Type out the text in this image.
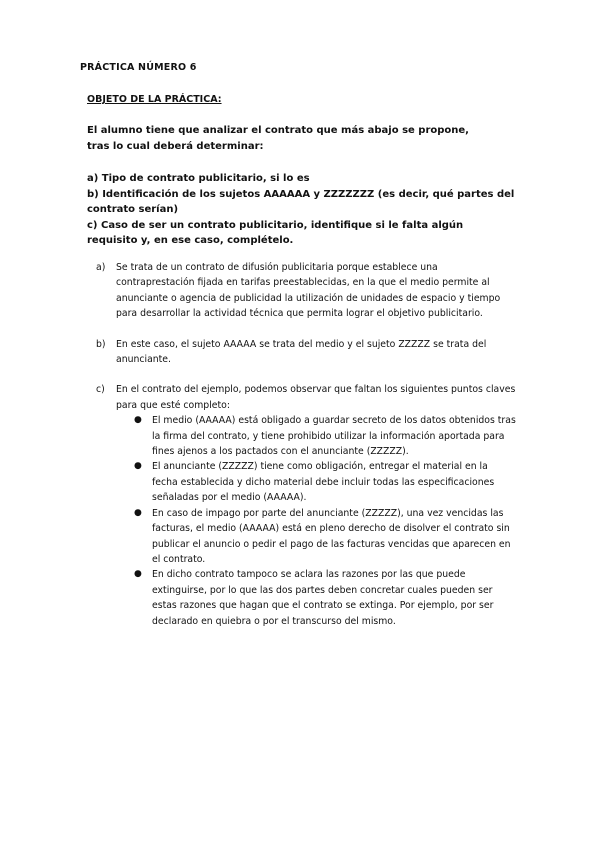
PRÁCTICA NÚMERO 6
OBJETO DE LA PRÁCTICA:

El alumno tiene que analizar el contrato que más abajo se propone,

tras lo cual deberá determinar:

a) Tipo de contrato publicitario, si lo es

b) Identificación de los sujetos AAAAAA y ZZZZZZZ (es decir, qué partes del contrato serían)

c) Caso de ser un contrato publicitario, identifique si le falta algún requisito y, en ese caso, complételo.

a) Se trata de un contrato de difusión publicitaria porque establece una contraprestación fijada en tarifas preestablecidas, en la que el medio permite al anunciante o agencia de publicidad la utilización de unidades de espacio y tiempo para desarrollar la actividad técnica que permita lograr el objetivo publicitario.

b) En este caso, el sujeto AAAAA se trata del medio y el sujeto ZZZZZ se trata del anunciante.

c) En el contrato del ejemplo, podemos observar que faltan los siguientes puntos claves para que esté completo:

● El medio (AAAAA) está obligado a guardar secreto de los datos obtenidos tras la firma del contrato, y tiene prohibido utilizar la información aportada para fines ajenos a los pactados con el anunciante (ZZZZZ).
● El anunciante (ZZZZZ) tiene como obligación, entregar el material en la fecha establecida y dicho material debe incluir todas las especificaciones señaladas por el medio (AAAAA).
● En caso de impago por parte del anunciante (ZZZZZ), una vez vencidas las facturas, el medio (AAAAA) está en pleno derecho de disolver el contrato sin publicar el anuncio o pedir el pago de las facturas vencidas que aparecen en el contrato.
● En dicho contrato tampoco se aclara las razones por las que puede extinguirse, por lo que las dos partes deben concretar cuales pueden ser estas razones que hagan que el contrato se extinga. Por ejemplo, por ser declarado en quiebra o por el transcurso del mismo.
